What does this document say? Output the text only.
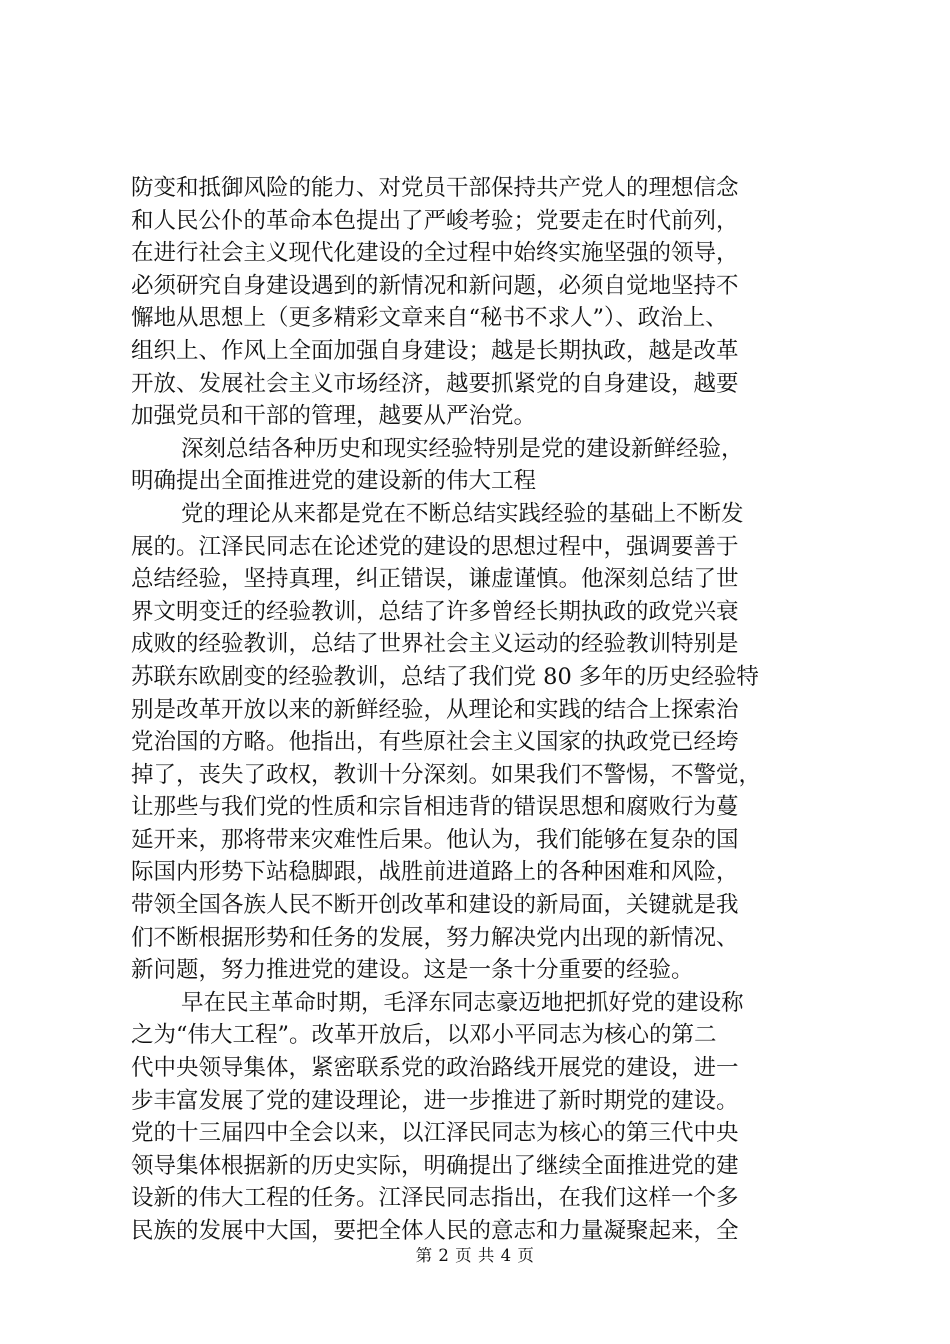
防变和抵御风险的能力、对党员干部保持共产党人的理想信念
和人民公仆的革命本色提出了严峻考验；党要走在时代前列，
在进行社会主义现代化建设的全过程中始终实施坚强的领导，
必须研究自身建设遇到的新情况和新问题，必须自觉地坚持不
懈地从思想上（更多精彩文章来自“秘书不求人”）、政治上、
组织上、作风上全面加强自身建设；越是长期执政，越是改革
开放、发展社会主义市场经济，越要抓紧党的自身建设，越要
加强党员和干部的管理，越要从严治党。
深刻总结各种历史和现实经验特别是党的建设新鲜经验，
明确提出全面推进党的建设新的伟大工程
党的理论从来都是党在不断总结实践经验的基础上不断发
展的。江泽民同志在论述党的建设的思想过程中，强调要善于
总结经验，坚持真理，纠正错误，谦虚谨慎。他深刻总结了世
界文明变迁的经验教训，总结了许多曾经长期执政的政党兴衰
成败的经验教训，总结了世界社会主义运动的经验教训特别是
苏联东欧剧变的经验教训，总结了我们党 80 多年的历史经验特
别是改革开放以来的新鲜经验，从理论和实践的结合上探索治
党治国的方略。他指出，有些原社会主义国家的执政党已经垮
掉了，丧失了政权，教训十分深刻。如果我们不警惕，不警觉，
让那些与我们党的性质和宗旨相违背的错误思想和腐败行为蔓
延开来，那将带来灾难性后果。他认为，我们能够在复杂的国
际国内形势下站稳脚跟，战胜前进道路上的各种困难和风险，
带领全国各族人民不断开创改革和建设的新局面，关键就是我
们不断根据形势和任务的发展，努力解决党内出现的新情况、
新问题，努力推进党的建设。这是一条十分重要的经验。
早在民主革命时期，毛泽东同志豪迈地把抓好党的建设称
之为“伟大工程”。改革开放后，以邓小平同志为核心的第二
代中央领导集体，紧密联系党的政治路线开展党的建设，进一
步丰富发展了党的建设理论，进一步推进了新时期党的建设。
党的十三届四中全会以来，以江泽民同志为核心的第三代中央
领导集体根据新的历史实际，明确提出了继续全面推进党的建
设新的伟大工程的任务。江泽民同志指出，在我们这样一个多
民族的发展中大国，要把全体人民的意志和力量凝聚起来，全
第 2 页 共 4 页
